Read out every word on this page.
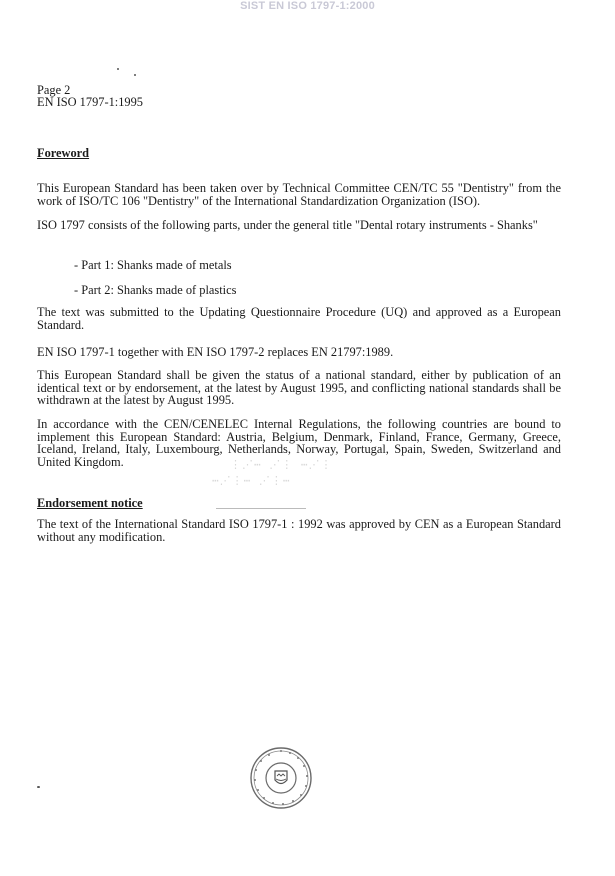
SIST EN ISO 1797-1:2000
Page 2
EN ISO 1797-1:1995
Foreword
This European Standard has been taken over by Technical Committee CEN/TC 55 "Dentistry" from the work of ISO/TC 106 "Dentistry" of the International Standardization Organization (ISO).
ISO 1797 consists of the following parts, under the general title "Dental rotary instruments - Shanks"
- Part 1: Shanks made of metals
- Part 2: Shanks made of plastics
The text was submitted to the Updating Questionnaire Procedure (UQ) and approved as a European Standard.
EN ISO 1797-1 together with EN ISO 1797-2 replaces EN 21797:1989.
This European Standard shall be given the status of a national standard, either by publication of an identical text or by endorsement, at the latest by August 1995, and conflicting national standards shall be withdrawn at the latest by August 1995.
In accordance with the CEN/CENELEC Internal Regulations, the following countries are bound to implement this European Standard: Austria, Belgium, Denmark, Finland, France, Germany, Greece, Iceland, Ireland, Italy, Luxembourg, Netherlands, Norway, Portugal, Spain, Sweden, Switzerland and United Kingdom.
Endorsement notice
The text of the International Standard ISO 1797-1 : 1992 was approved by CEN as a European Standard without any modification.
⋮⋰⋯ ⋰⋮ ⋯⋰⋮
⋯⋰⋮⋯ ⋰⋮⋯
